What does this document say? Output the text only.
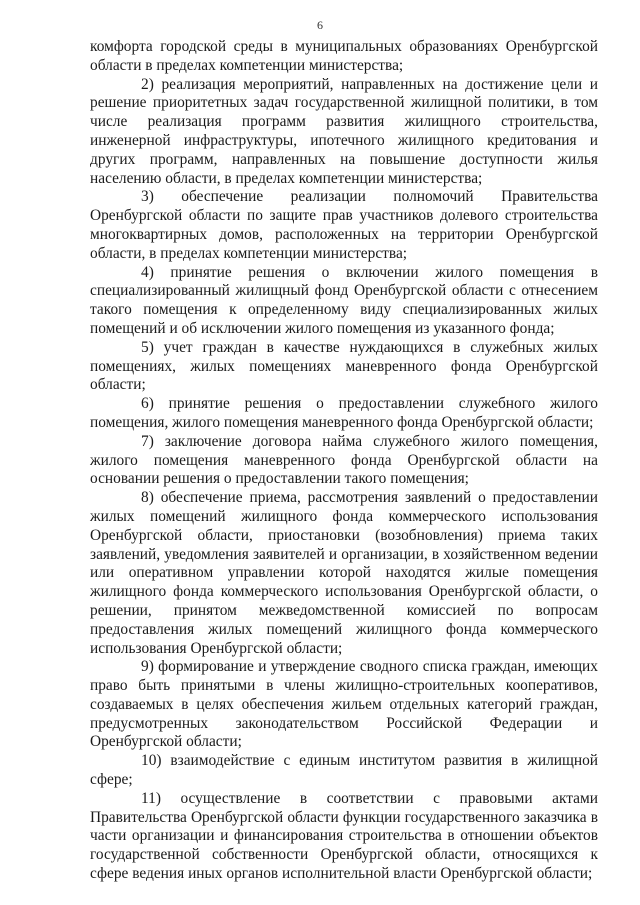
6

комфорта городской среды в муниципальных образованиях Оренбургской области в пределах компетенции министерства;

2) реализация мероприятий, направленных на достижение цели и решение приоритетных задач государственной жилищной политики, в том числе реализация программ развития жилищного строительства, инженерной инфраструктуры, ипотечного жилищного кредитования и других программ, направленных на повышение доступности жилья населению области, в пределах компетенции министерства;

3) обеспечение реализации полномочий Правительства Оренбургской области по защите прав участников долевого строительства многоквартирных домов, расположенных на территории Оренбургской области, в пределах компетенции министерства;

4) принятие решения о включении жилого помещения в специализированный жилищный фонд Оренбургской области с отнесением такого помещения к определенному виду специализированных жилых помещений и об исключении жилого помещения из указанного фонда;

5) учет граждан в качестве нуждающихся в служебных жилых помещениях, жилых помещениях маневренного фонда Оренбургской области;

6) принятие решения о предоставлении служебного жилого помещения, жилого помещения маневренного фонда Оренбургской области;

7) заключение договора найма служебного жилого помещения, жилого помещения маневренного фонда Оренбургской области на основании решения о предоставлении такого помещения;

8) обеспечение приема, рассмотрения заявлений о предоставлении жилых помещений жилищного фонда коммерческого использования Оренбургской области, приостановки (возобновления) приема таких заявлений, уведомления заявителей и организации, в хозяйственном ведении или оперативном управлении которой находятся жилые помещения жилищного фонда коммерческого использования Оренбургской области, о решении, принятом межведомственной комиссией по вопросам предоставления жилых помещений жилищного фонда коммерческого использования Оренбургской области;

9) формирование и утверждение сводного списка граждан, имеющих право быть принятыми в члены жилищно-строительных кооперативов, создаваемых в целях обеспечения жильем отдельных категорий граждан, предусмотренных законодательством Российской Федерации и Оренбургской области;

10) взаимодействие с единым институтом развития в жилищной сфере;

11) осуществление в соответствии с правовыми актами Правительства Оренбургской области функции государственного заказчика в части организации и финансирования строительства в отношении объектов государственной собственности Оренбургской области, относящихся к сфере ведения иных органов исполнительной власти Оренбургской области;
